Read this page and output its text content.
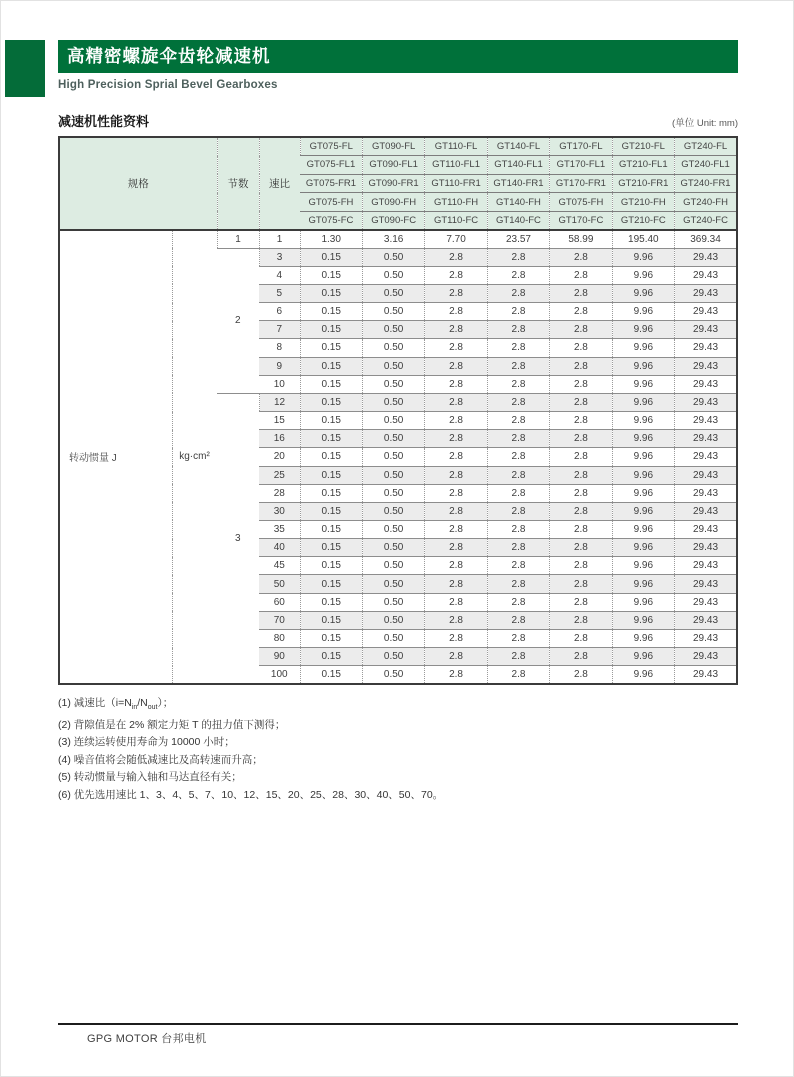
高精密螺旋伞齿轮减速机
High Precision Sprial Bevel Gearboxes
减速机性能资料	(单位 Unit: mm)
规格		节数	速比	GT075-FL	GT090-FL	GT110-FL	GT140-FL	GT170-FL	GT210-FL	GT240-FL
				GT075-FL1	GT090-FL1	GT110-FL1	GT140-FL1	GT170-FL1	GT210-FL1	GT240-FL1
				GT075-FR1	GT090-FR1	GT110-FR1	GT140-FR1	GT170-FR1	GT210-FR1	GT240-FR1
				GT075-FH	GT090-FH	GT110-FH	GT140-FH	GT075-FH	GT210-FH	GT240-FH
				GT075-FC	GT090-FC	GT110-FC	GT140-FC	GT170-FC	GT210-FC	GT240-FC
转动惯量 J	kg·cm²	1	1	1.30	3.16	7.70	23.57	58.99	195.40	369.34
		2	3	0.15	0.50	2.8	2.8	2.8	9.96	29.43
			4	0.15	0.50	2.8	2.8	2.8	9.96	29.43
			5	0.15	0.50	2.8	2.8	2.8	9.96	29.43
			6	0.15	0.50	2.8	2.8	2.8	9.96	29.43
			7	0.15	0.50	2.8	2.8	2.8	9.96	29.43
			8	0.15	0.50	2.8	2.8	2.8	9.96	29.43
			9	0.15	0.50	2.8	2.8	2.8	9.96	29.43
			10	0.15	0.50	2.8	2.8	2.8	9.96	29.43
		3	12	0.15	0.50	2.8	2.8	2.8	9.96	29.43
			15	0.15	0.50	2.8	2.8	2.8	9.96	29.43
			16	0.15	0.50	2.8	2.8	2.8	9.96	29.43
			20	0.15	0.50	2.8	2.8	2.8	9.96	29.43
			25	0.15	0.50	2.8	2.8	2.8	9.96	29.43
			28	0.15	0.50	2.8	2.8	2.8	9.96	29.43
			30	0.15	0.50	2.8	2.8	2.8	9.96	29.43
			35	0.15	0.50	2.8	2.8	2.8	9.96	29.43
			40	0.15	0.50	2.8	2.8	2.8	9.96	29.43
			45	0.15	0.50	2.8	2.8	2.8	9.96	29.43
			50	0.15	0.50	2.8	2.8	2.8	9.96	29.43
			60	0.15	0.50	2.8	2.8	2.8	9.96	29.43
			70	0.15	0.50	2.8	2.8	2.8	9.96	29.43
			80	0.15	0.50	2.8	2.8	2.8	9.96	29.43
			90	0.15	0.50	2.8	2.8	2.8	9.96	29.43
			100	0.15	0.50	2.8	2.8	2.8	9.96	29.43
(1) 减速比$(i=N_{in}/N_{out})$；
(2) 背隙值是在 2% 额定力矩 T 的扭力值下测得；
(3) 连续运转使用寿命为 10000 小时；
(4) 噪音值将会随低减速比及高转速而升高；
(5) 转动惯量与输入轴和马达直径有关；
(6) 优先选用速比 1、3、4、5、7、10、12、15、20、25、28、30、40、50、70。
GPG MOTOR 台邦电机
